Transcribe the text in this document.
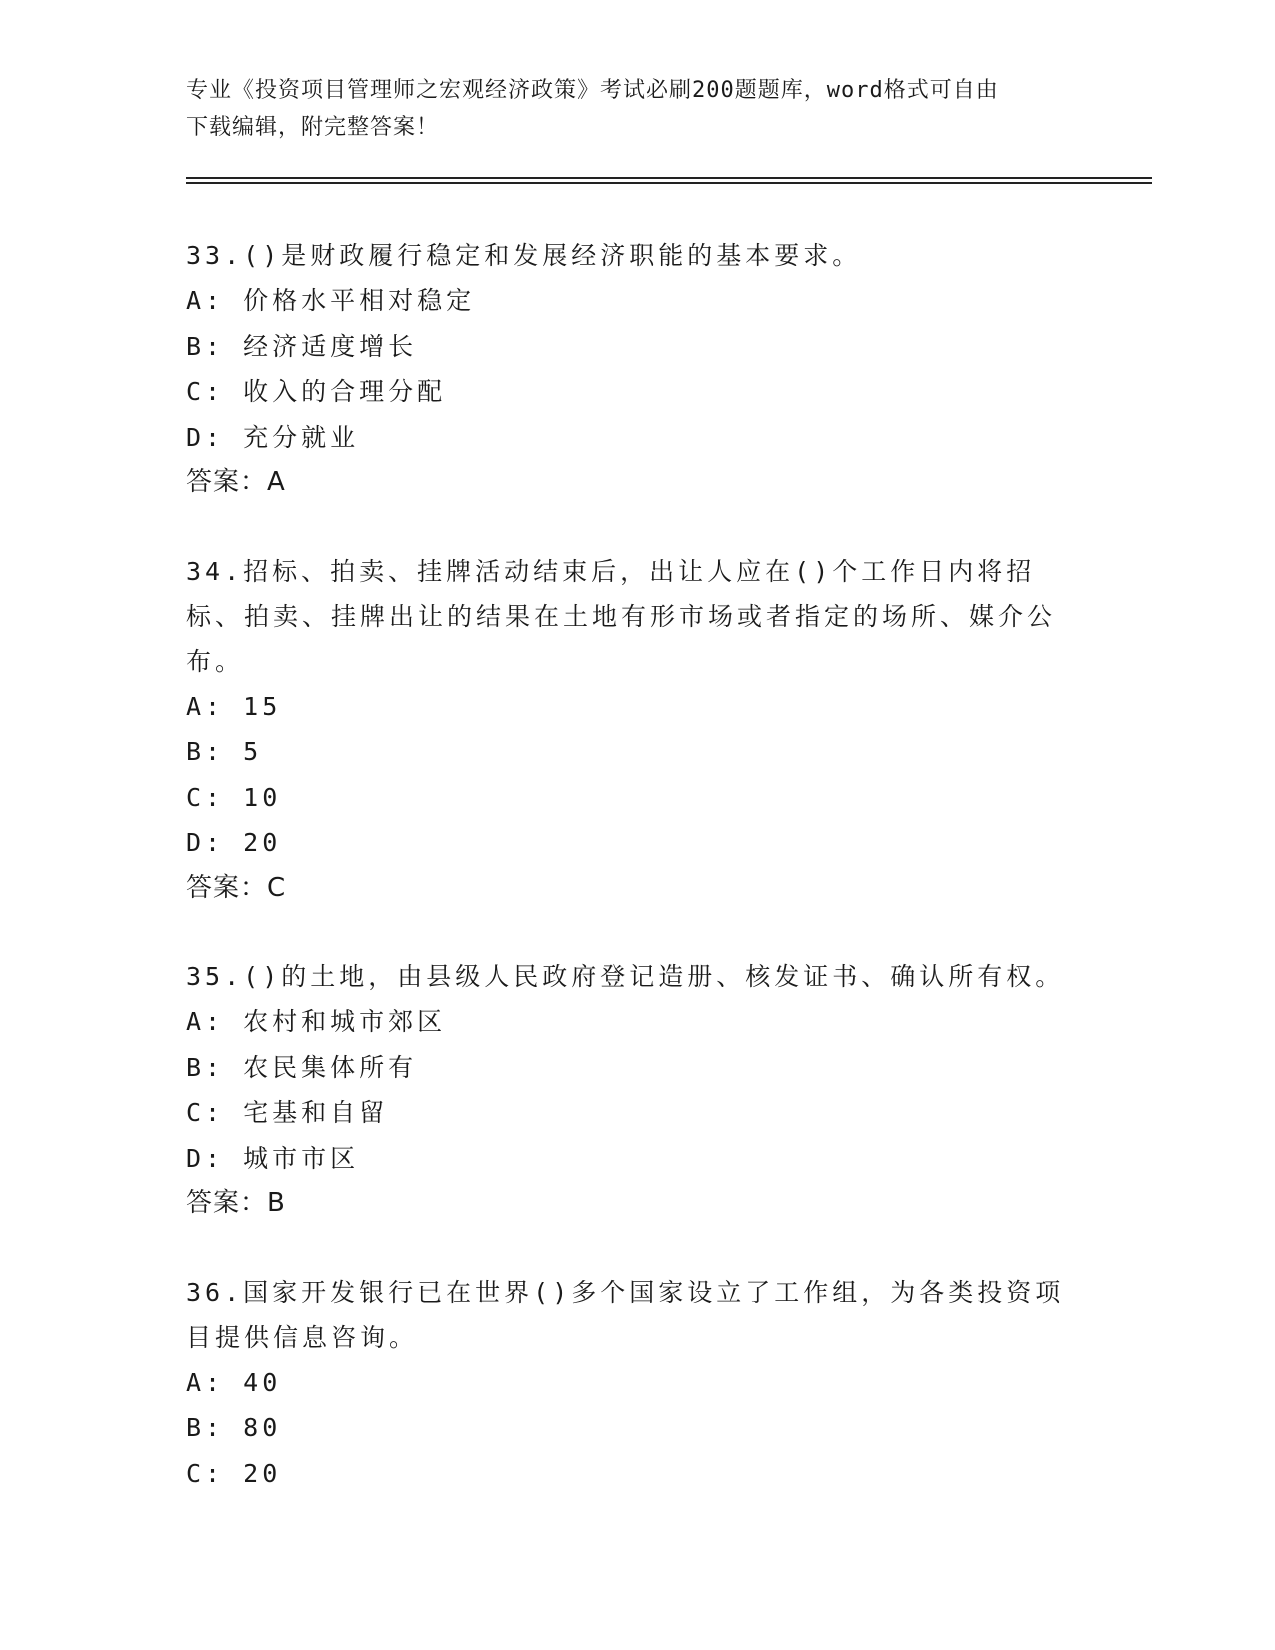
专业《投资项目管理师之宏观经济政策》考试必刷200题题库，word格式可自由
下载编辑，附完整答案！

33.()是财政履行稳定和发展经济职能的基本要求。

A: 价格水平相对稳定

B: 经济适度增长

C: 收入的合理分配

D: 充分就业

答案：A

34.招标、拍卖、挂牌活动结束后，出让人应在()个工作日内将招标、拍卖、挂牌出让的结果在土地有形市场或者指定的场所、媒介公布。

A: 15

B: 5

C: 10

D: 20

答案：C

35.()的土地，由县级人民政府登记造册、核发证书、确认所有权。

A: 农村和城市郊区

B: 农民集体所有

C: 宅基和自留

D: 城市市区

答案：B

36.国家开发银行已在世界()多个国家设立了工作组，为各类投资项目提供信息咨询。

A: 40

B: 80

C: 20
